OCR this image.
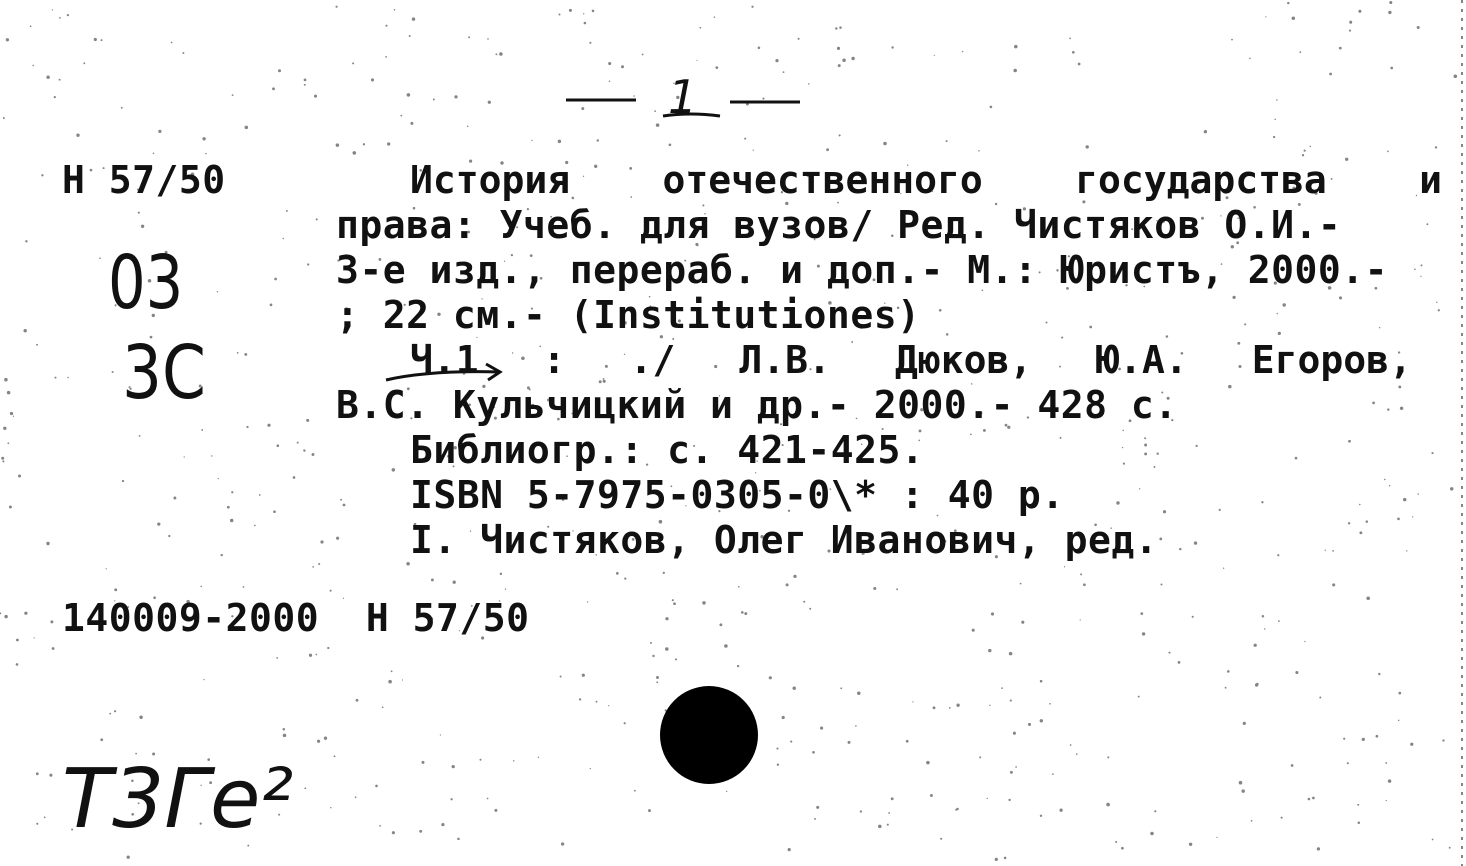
1
Н 57/50
03
3С
История отечественного государства и
права: Учеб. для вузов/ Ред. Чистяков О.И.-
3-е изд., перераб. и доп.- М.: Юристъ, 2000.-
; 22 см.- (Institutiones)
Ч.1 : ./ Л.В. Дюков, Ю.А. Егоров,
В.С. Кульчицкий и др.- 2000.- 428 с.
Библиогр.: с. 421-425.
ISBN 5-7975-0305-0\* : 40 р.
I. Чистяков, Олег Иванович, ред.
140009-2000  Н 57/50
Т3Ге²
